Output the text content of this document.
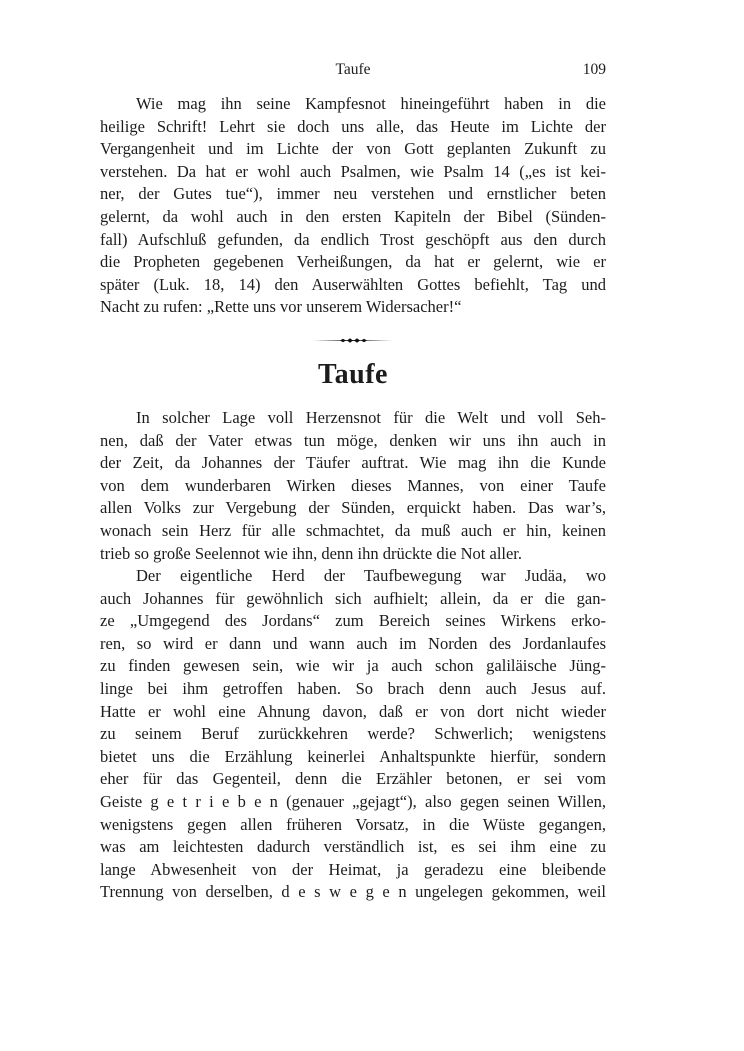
Taufe	109
Wie mag ihn seine Kampfesnot hineingeführt haben in die
heilige Schrift! Lehrt sie doch uns alle, das Heute im Lichte der
Vergangenheit und im Lichte der von Gott geplanten Zukunft zu
verstehen. Da hat er wohl auch Psalmen, wie Psalm 14 („es ist kei-
ner, der Gutes tue“), immer neu verstehen und ernstlicher beten
gelernt, da wohl auch in den ersten Kapiteln der Bibel (Sünden-
fall) Aufschluß gefunden, da endlich Trost geschöpft aus den durch
die Propheten gegebenen Verheißungen, da hat er gelernt, wie er
später (Luk. 18, 14) den Auserwählten Gottes befiehlt, Tag und
Nacht zu rufen: „Rette uns vor unserem Widersacher!“
Taufe
In solcher Lage voll Herzensnot für die Welt und voll Seh-
nen, daß der Vater etwas tun möge, denken wir uns ihn auch in
der Zeit, da Johannes der Täufer auftrat. Wie mag ihn die Kunde
von dem wunderbaren Wirken dieses Mannes, von einer Taufe
allen Volks zur Vergebung der Sünden, erquickt haben. Das war’s,
wonach sein Herz für alle schmachtet, da muß auch er hin, keinen
trieb so große Seelennot wie ihn, denn ihn drückte die Not aller.
Der eigentliche Herd der Taufbewegung war Judäa, wo
auch Johannes für gewöhnlich sich aufhielt; allein, da er die gan-
ze „Umgegend des Jordans“ zum Bereich seines Wirkens erko-
ren, so wird er dann und wann auch im Norden des Jordanlaufes
zu finden gewesen sein, wie wir ja auch schon galiläische Jüng-
linge bei ihm getroffen haben. So brach denn auch Jesus auf.
Hatte er wohl eine Ahnung davon, daß er von dort nicht wieder
zu seinem Beruf zurückkehren werde? Schwerlich; wenigstens
bietet uns die Erzählung keinerlei Anhaltspunkte hierfür, sondern
eher für das Gegenteil, denn die Erzähler betonen, er sei vom
Geiste g e t r i e b e n (genauer „gejagt“), also gegen seinen Willen,
wenigstens gegen allen früheren Vorsatz, in die Wüste gegangen,
was am leichtesten dadurch verständlich ist, es sei ihm eine zu
lange Abwesenheit von der Heimat, ja geradezu eine bleibende
Trennung von derselben, d e s w e g e n ungelegen gekommen, weil
